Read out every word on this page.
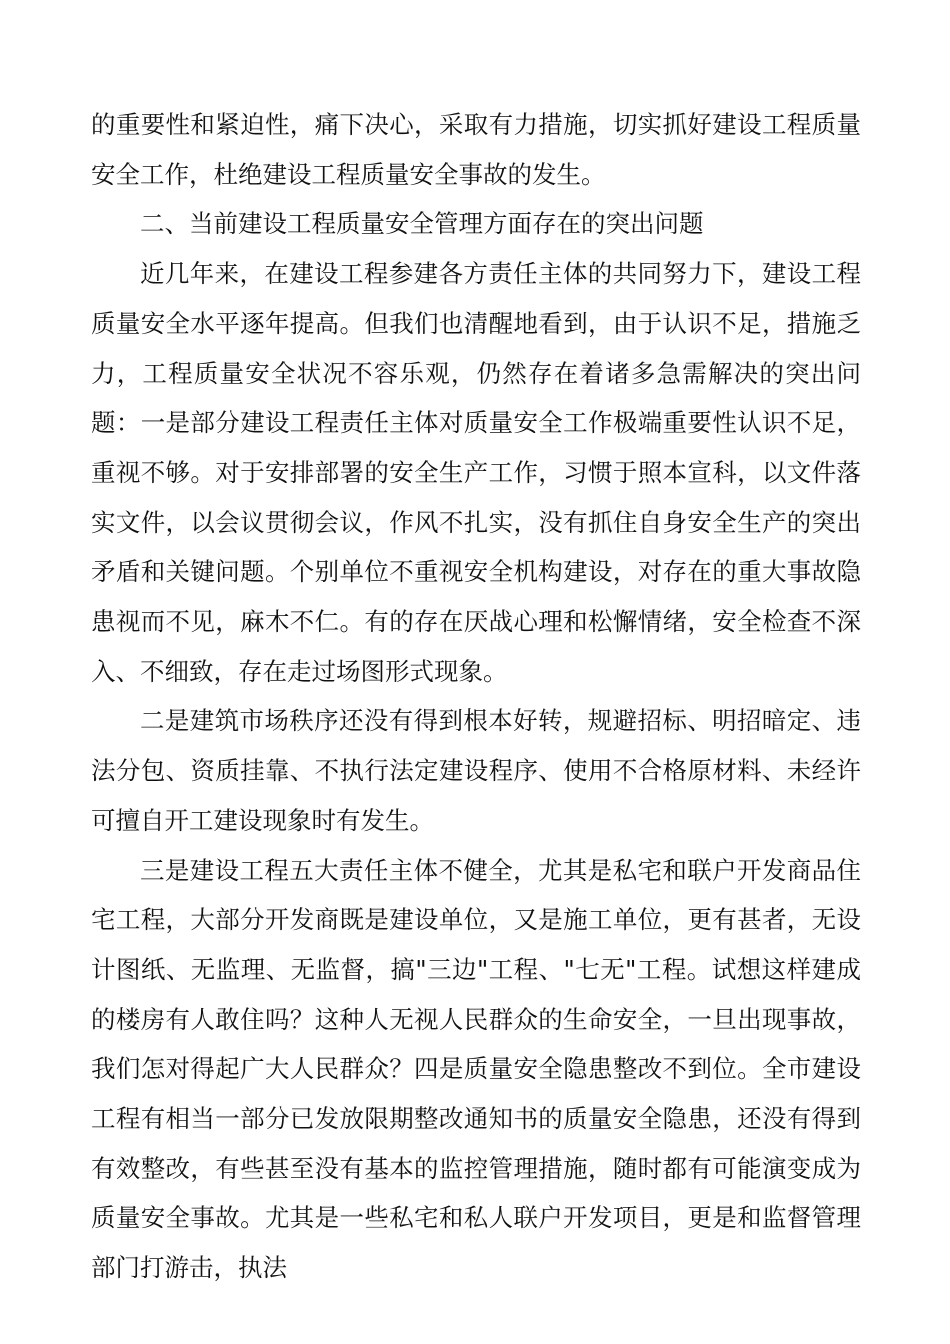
的重要性和紧迫性，痛下决心，采取有力措施，切实抓好建设工程质量安全工作，杜绝建设工程质量安全事故的发生。

二、当前建设工程质量安全管理方面存在的突出问题

近几年来，在建设工程参建各方责任主体的共同努力下，建设工程质量安全水平逐年提高。但我们也清醒地看到，由于认识不足，措施乏力，工程质量安全状况不容乐观，仍然存在着诸多急需解决的突出问题：一是部分建设工程责任主体对质量安全工作极端重要性认识不足，重视不够。对于安排部署的安全生产工作，习惯于照本宣科，以文件落实文件，以会议贯彻会议，作风不扎实，没有抓住自身安全生产的突出矛盾和关键问题。个别单位不重视安全机构建设，对存在的重大事故隐患视而不见，麻木不仁。有的存在厌战心理和松懈情绪，安全检查不深入、不细致，存在走过场图形式现象。

二是建筑市场秩序还没有得到根本好转，规避招标、明招暗定、违法分包、资质挂靠、不执行法定建设程序、使用不合格原材料、未经许可擅自开工建设现象时有发生。

三是建设工程五大责任主体不健全，尤其是私宅和联户开发商品住宅工程，大部分开发商既是建设单位，又是施工单位，更有甚者，无设计图纸、无监理、无监督，搞"三边"工程、"七无"工程。试想这样建成的楼房有人敢住吗？这种人无视人民群众的生命安全，一旦出现事故，我们怎对得起广大人民群众？四是质量安全隐患整改不到位。全市建设工程有相当一部分已发放限期整改通知书的质量安全隐患，还没有得到有效整改，有些甚至没有基本的监控管理措施，随时都有可能演变成为质量安全事故。尤其是一些私宅和私人联户开发项目，更是和监督管理部门打游击，执法
